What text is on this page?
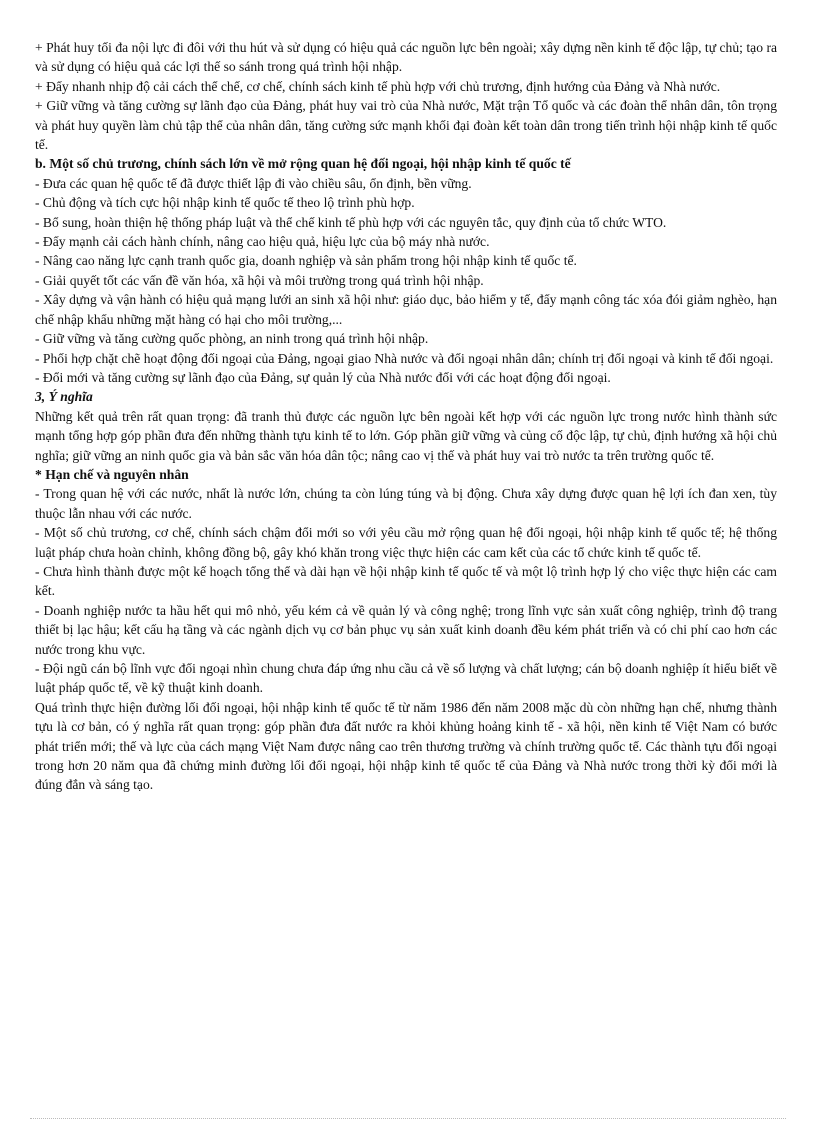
+ Phát huy tối đa nội lực đi đôi với thu hút và sử dụng có hiệu quả các nguồn lực bên ngoài; xây dựng nền kinh tế độc lập, tự chủ; tạo ra và sử dụng có hiệu quả các lợi thế so sánh trong quá trình hội nhập.

+ Đẩy nhanh nhịp độ cải cách thể chế, cơ chế, chính sách kinh tế phù hợp với chủ trương, định hướng của Đảng và Nhà nước.

+ Giữ vững và tăng cường sự lãnh đạo của Đảng, phát huy vai trò của Nhà nước, Mặt trận Tổ quốc và các đoàn thể nhân dân, tôn trọng và phát huy quyền làm chủ tập thể của nhân dân, tăng cường sức mạnh khối đại đoàn kết toàn dân trong tiến trình hội nhập kinh tế quốc tế.

b. Một số chủ trương, chính sách lớn về mở rộng quan hệ đối ngoại, hội nhập kinh tế quốc tế

- Đưa các quan hệ quốc tế đã được thiết lập đi vào chiều sâu, ổn định, bền vững.

- Chủ động và tích cực hội nhập kinh tế quốc tế theo lộ trình phù hợp.

- Bổ sung, hoàn thiện hệ thống pháp luật và thể chế kinh tế phù hợp với các nguyên tắc, quy định của tổ chức WTO.

- Đẩy mạnh cải cách hành chính, nâng cao hiệu quả, hiệu lực của bộ máy nhà nước.

- Nâng cao năng lực cạnh tranh quốc gia, doanh nghiệp và sản phẩm trong hội nhập kinh tế quốc tế.

- Giải quyết tốt các vấn đề văn hóa, xã hội và môi trường trong quá trình hội nhập.

- Xây dựng và vận hành có hiệu quả mạng lưới an sinh xã hội như: giáo dục, bảo hiểm y tế, đẩy mạnh công tác xóa đói giảm nghèo, hạn chế nhập khẩu những mặt hàng có hại cho môi trường,...

- Giữ vững và tăng cường quốc phòng, an ninh trong quá trình hội nhập.

- Phối hợp chặt chẽ hoạt động đối ngoại của Đảng, ngoại giao Nhà nước và đối ngoại nhân dân; chính trị đối ngoại và kinh tế đối ngoại.

- Đổi mới và tăng cường sự lãnh đạo của Đảng, sự quản lý của Nhà nước đối với các hoạt động đối ngoại.

3, Ý nghĩa

Những kết quả trên rất quan trọng: đã tranh thủ được các nguồn lực bên ngoài kết hợp với các nguồn lực trong nước hình thành sức mạnh tổng hợp góp phần đưa đến những thành tựu kinh tế to lớn. Góp phần giữ vững và củng cố độc lập, tự chủ, định hướng xã hội chủ nghĩa; giữ vững an ninh quốc gia và bản sắc văn hóa dân tộc; nâng cao vị thế và phát huy vai trò nước ta trên trường quốc tế.

* Hạn chế và nguyên nhân

- Trong quan hệ với các nước, nhất là nước lớn, chúng ta còn lúng túng và bị động. Chưa xây dựng được quan hệ lợi ích đan xen, tùy thuộc lẫn nhau với các nước.

- Một số chủ trương, cơ chế, chính sách chậm đổi mới so với yêu cầu mở rộng quan hệ đối ngoại, hội nhập kinh tế quốc tế; hệ thống luật pháp chưa hoàn chỉnh, không đồng bộ, gây khó khăn trong việc thực hiện các cam kết của các tổ chức kinh tế quốc tế.

- Chưa hình thành được một kế hoạch tổng thể và dài hạn về hội nhập kinh tế quốc tế và một lộ trình hợp lý cho việc thực hiện các cam kết.

- Doanh nghiệp nước ta hầu hết qui mô nhỏ, yếu kém cả về quản lý và công nghệ; trong lĩnh vực sản xuất công nghiệp, trình độ trang thiết bị lạc hậu; kết cấu hạ tầng và các ngành dịch vụ cơ bản phục vụ sản xuất kinh doanh đều kém phát triển và có chi phí cao hơn các nước trong khu vực.

- Đội ngũ cán bộ lĩnh vực đối ngoại nhìn chung chưa đáp ứng nhu cầu cả về số lượng và chất lượng; cán bộ doanh nghiệp ít hiểu biết về luật pháp quốc tế, về kỹ thuật kinh doanh.

Quá trình thực hiện đường lối đối ngoại, hội nhập kinh tế quốc tế từ năm 1986 đến năm 2008 mặc dù còn những hạn chế, nhưng thành tựu là cơ bản, có ý nghĩa rất quan trọng: góp phần đưa đất nước ra khỏi khủng hoảng kinh tế - xã hội, nền kinh tế Việt Nam có bước phát triển mới; thế và lực của cách mạng Việt Nam được nâng cao trên thương trường và chính trường quốc tế. Các thành tựu đối ngoại trong hơn 20 năm qua đã chứng minh đường lối đối ngoại, hội nhập kinh tế quốc tế của Đảng và Nhà nước trong thời kỳ đổi mới là đúng đắn và sáng tạo.
